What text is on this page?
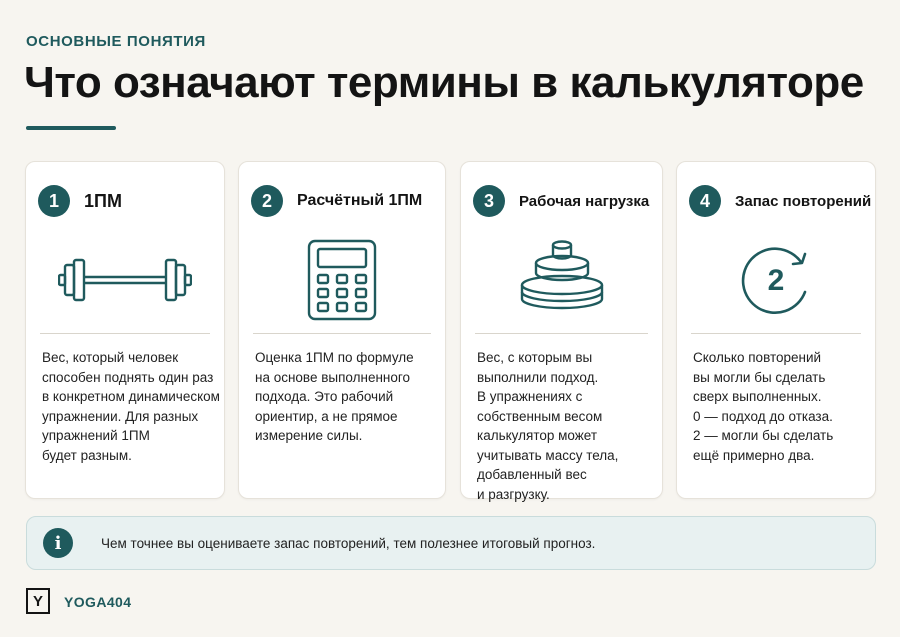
ОСНОВНЫЕ ПОНЯТИЯ
Что означают термины в калькуляторе
1	1ПМ
Вес, который человек
способен поднять один раз
в конкретном динамическом
упражнении. Для разных
упражнений 1ПМ
будет разным.
2	Расчётный 1ПМ
Оценка 1ПМ по формуле
на основе выполненного
подхода. Это рабочий
ориентир, а не прямое
измерение силы.
3	Рабочая нагрузка
Вес, с которым вы
выполнили подход.
В упражнениях с
собственным весом
калькулятор может
учитывать массу тела,
добавленный вес
и разгрузку.
4	Запас повторений
2
Сколько повторений
вы могли бы сделать
сверх выполненных.
0 — подход до отказа.
2 — могли бы сделать
ещё примерно два.
i	Чем точнее вы оцениваете запас повторений, тем полезнее итоговый прогноз.
Y	YOGA404
